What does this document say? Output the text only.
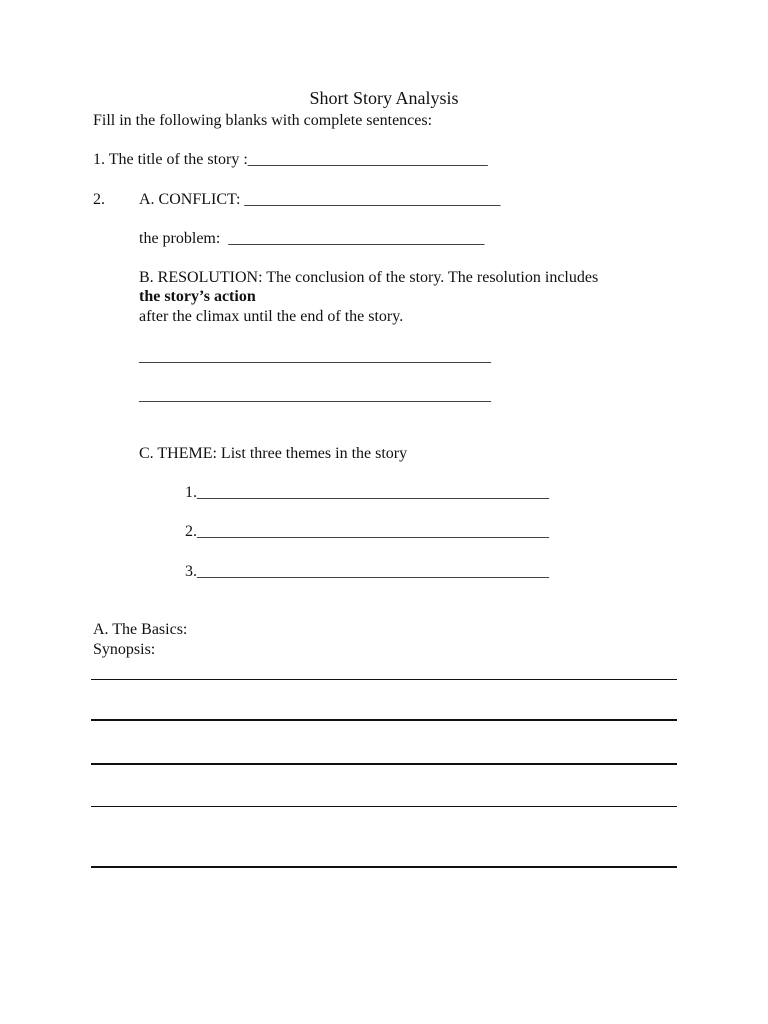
Short Story Analysis
Fill in the following blanks with complete sentences:
1. The title of the story :______________________________
2. A. CONFLICT: ________________________________
the problem:  ________________________________
B. RESOLUTION: The conclusion of the story. The resolution includes
the story’s action
after the climax until the end of the story.
____________________________________________
____________________________________________
C. THEME: List three themes in the story
1.____________________________________________
2.____________________________________________
3.____________________________________________
A. The Basics:
Synopsis:
